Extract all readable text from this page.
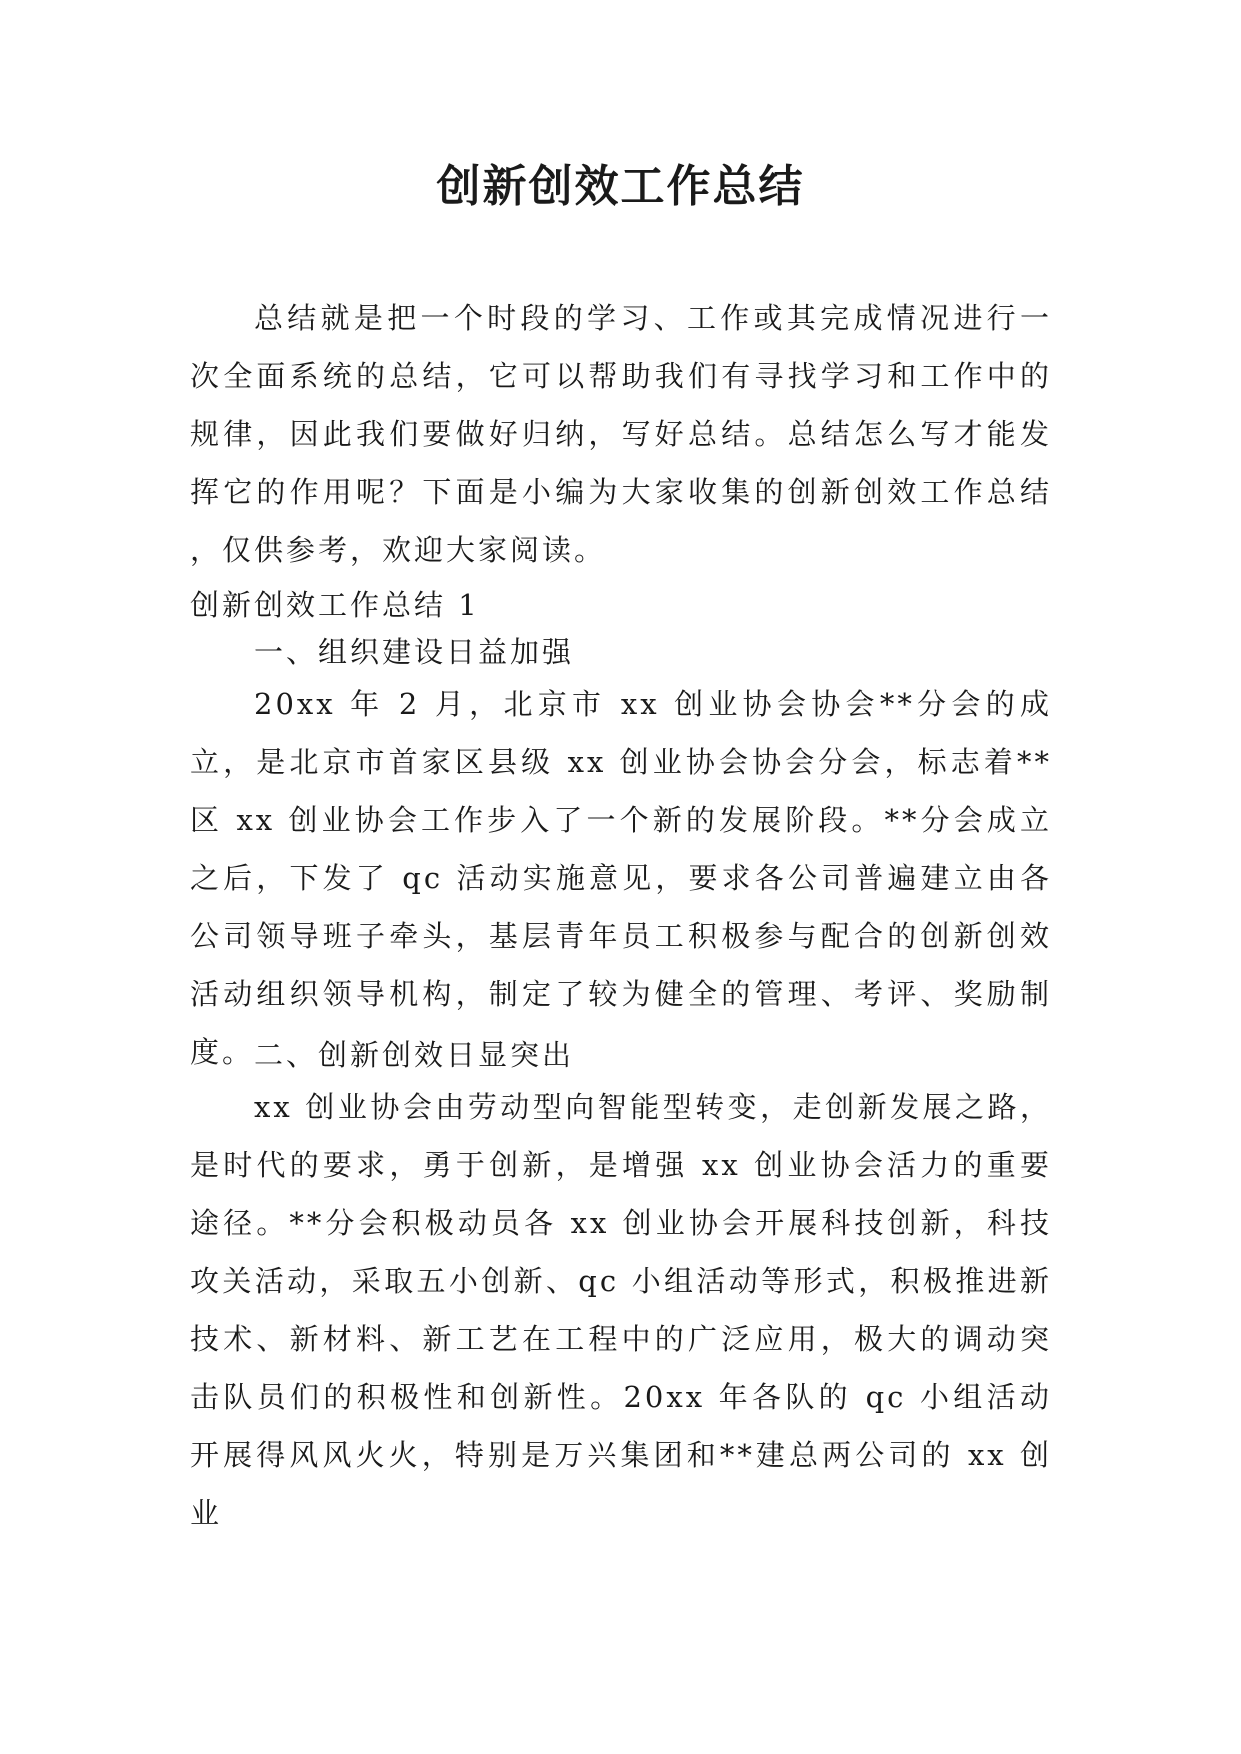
创新创效工作总结

总结就是把一个时段的学习、工作或其完成情况进行一次全面系统的总结，它可以帮助我们有寻找学习和工作中的规律，因此我们要做好归纳，写好总结。总结怎么写才能发挥它的作用呢？下面是小编为大家收集的创新创效工作总结 ，仅供参考，欢迎大家阅读。

创新创效工作总结 1

一、组织建设日益加强

20xx 年 2 月，北京市 xx 创业协会协会**分会的成立，是北京市首家区县级 xx 创业协会协会分会，标志着**区 xx 创业协会工作步入了一个新的发展阶段。**分会成立之后，下发了 qc 活动实施意见，要求各公司普遍建立由各公司领导班子牵头，基层青年员工积极参与配合的创新创效活动组织领导机构，制定了较为健全的管理、考评、奖励制度。 二、创新创效日显突出

xx 创业协会由劳动型向智能型转变，走创新发展之路，是时代的要求，勇于创新，是增强 xx 创业协会活力的重要途径。**分会积极动员各 xx 创业协会开展科技创新，科技攻关活动，采取五小创新、qc 小组活动等形式，积极推进新技术、新材料、新工艺在工程中的广泛应用，极大的调动突击队员们的积极性和创新性。20xx 年各队的 qc 小组活动开展得风风火火，特别是万兴集团和**建总两公司的 xx 创业
